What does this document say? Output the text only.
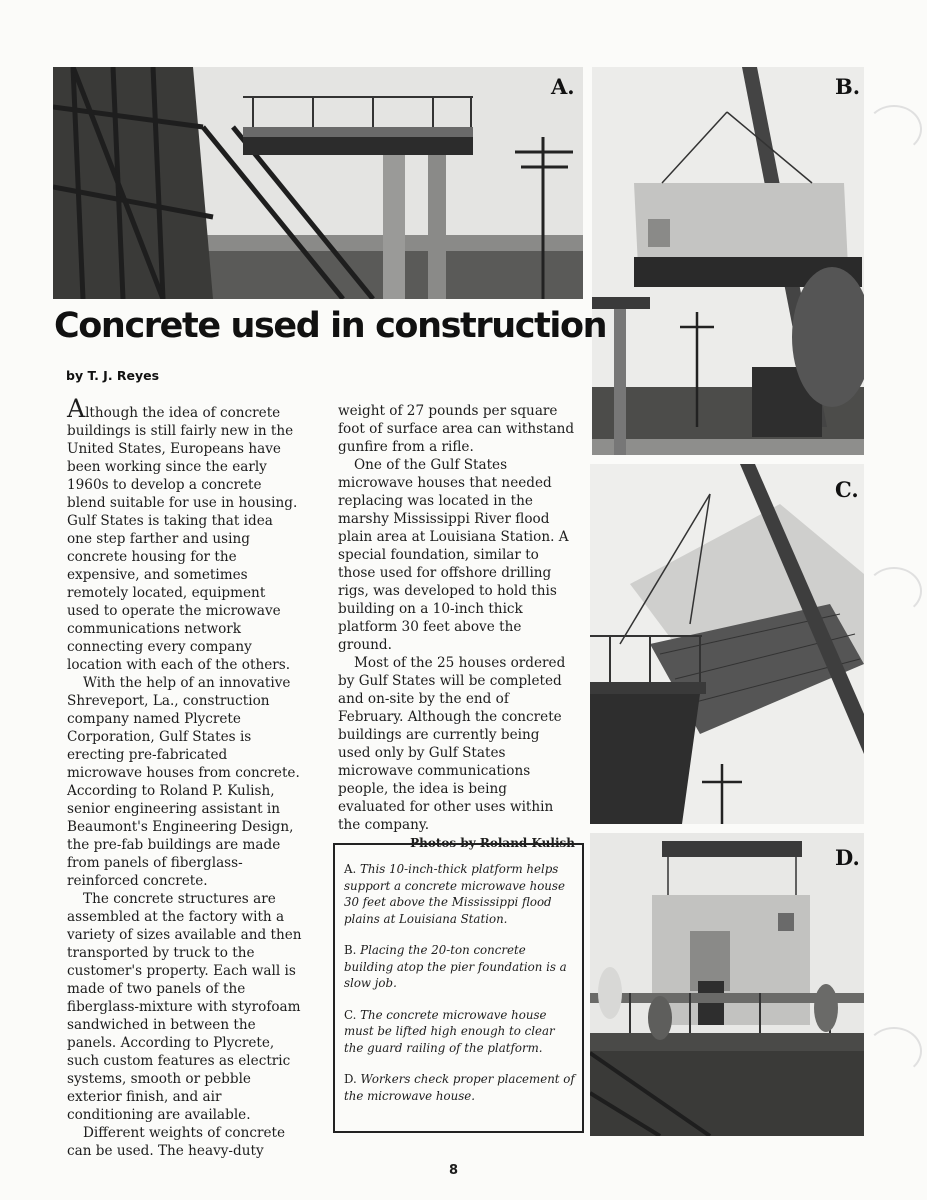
A.	B.
C.
D.
Concrete used in construction
by T. J. Reyes

Although the idea of concrete buildings is still fairly new in the United States, Europeans have been working since the early 1960s to develop a concrete blend suitable for use in housing. Gulf States is taking that idea one step farther and using concrete housing for the expensive, and sometimes remotely located, equipment used to operate the microwave communications network connecting every company location with each of the others.

With the help of an innovative Shreveport, La., construction company named Plycrete Corporation, Gulf States is erecting pre-fabricated microwave houses from concrete. According to Roland P. Kulish, senior engineering assistant in Beaumont's Engineering Design, the pre-fab buildings are made from panels of fiberglass-reinforced concrete.

The concrete structures are assembled at the factory with a variety of sizes available and then transported by truck to the customer's property. Each wall is made of two panels of the fiberglass-mixture with styrofoam sandwiched in between the panels. According to Plycrete, such custom features as electric systems, smooth or pebble exterior finish, and air conditioning are available.

Different weights of concrete can be used. The heavy-duty

weight of 27 pounds per square foot of surface area can withstand gunfire from a rifle.

One of the Gulf States microwave houses that needed replacing was located in the marshy Mississippi River flood plain area at Louisiana Station. A special foundation, similar to those used for offshore drilling rigs, was developed to hold this building on a 10-inch thick platform 30 feet above the ground.

Most of the 25 houses ordered by Gulf States will be completed and on-site by the end of February. Although the concrete buildings are currently being used only by Gulf States microwave communications people, the idea is being evaluated for other uses within the company.

Photos by Roland Kulish

A. This 10-inch-thick platform helps support a concrete microwave house 30 feet above the Mississippi flood plains at Louisiana Station.

B. Placing the 20-ton concrete building atop the pier foundation is a slow job.

C. The concrete microwave house must be lifted high enough to clear the guard railing of the platform.

D. Workers check proper placement of the microwave house.

8
